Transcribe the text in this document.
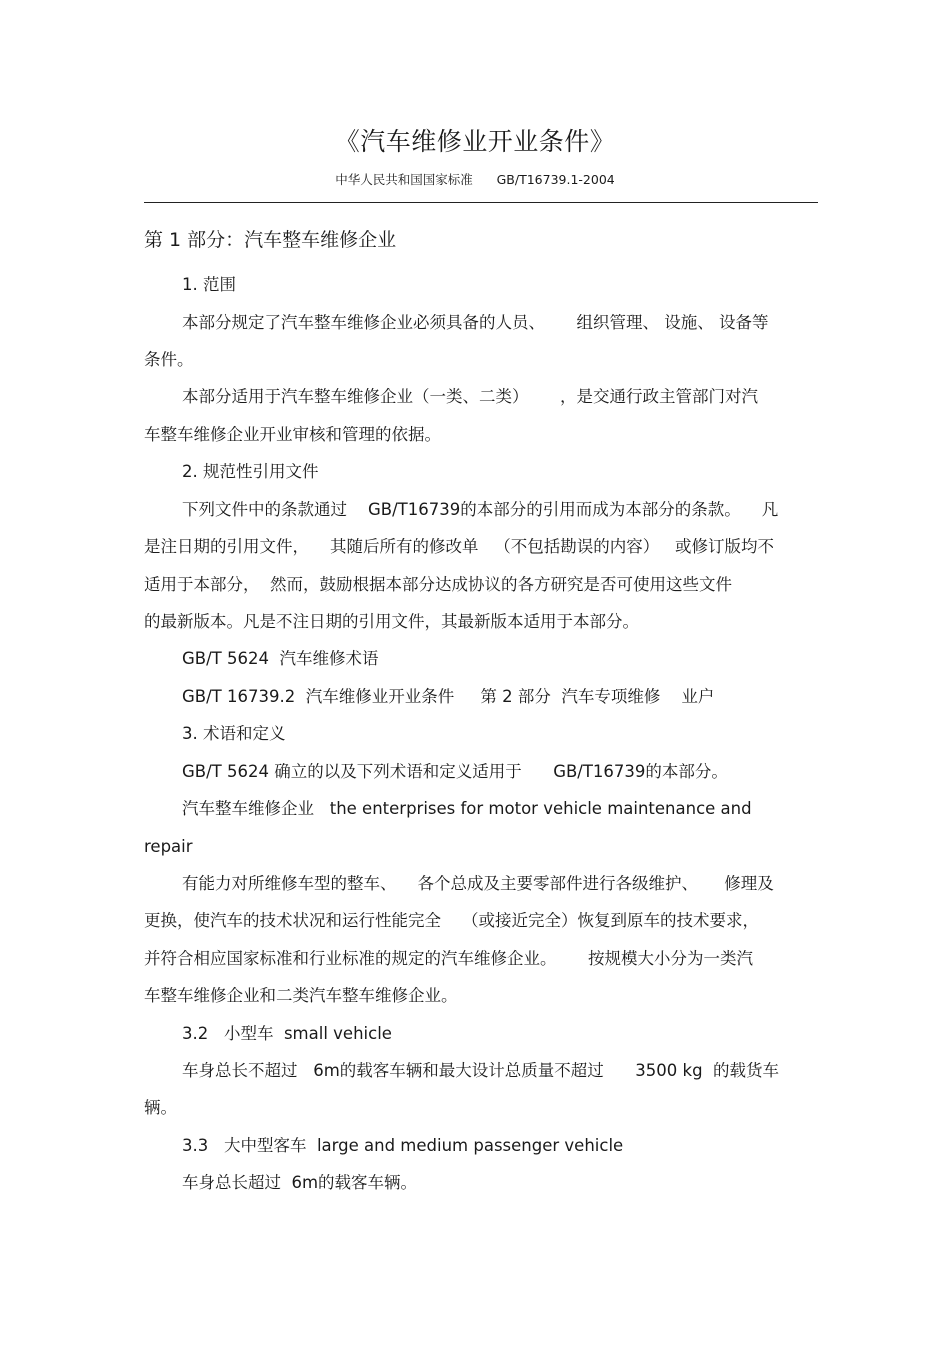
《汽车维修业开业条件》
中华人民共和国国家标准      GB/T16739.1-2004
第 1 部分：汽车整车维修企业
1. 范围
本部分规定了汽车整车维修企业必须具备的人员、      组织管理、 设施、 设备等
条件。
本部分适用于汽车整车维修企业（一类、二类）      ，是交通行政主管部门对汽
车整车维修企业开业审核和管理的依据。
2. 规范性引用文件
下列文件中的条款通过    GB/T16739的本部分的引用而成为本部分的条款。    凡
是注日期的引用文件，    其随后所有的修改单   （不包括勘误的内容）   或修订版均不
适用于本部分，  然而，鼓励根据本部分达成协议的各方研究是否可使用这些文件
的最新版本。凡是不注日期的引用文件，其最新版本适用于本部分。
GB/T 5624  汽车维修术语
GB/T 16739.2  汽车维修业开业条件     第 2 部分  汽车专项维修    业户
3. 术语和定义
GB/T 5624 确立的以及下列术语和定义适用于      GB/T16739的本部分。
汽车整车维修企业   the enterprises for motor vehicle maintenance and
repair
有能力对所维修车型的整车、    各个总成及主要零部件进行各级维护、     修理及
更换，使汽车的技术状况和运行性能完全    （或接近完全）恢复到原车的技术要求，
并符合相应国家标准和行业标准的规定的汽车维修企业。      按规模大小分为一类汽
车整车维修企业和二类汽车整车维修企业。
3.2   小型车  small vehicle
车身总长不超过   6m的载客车辆和最大设计总质量不超过      3500 kg  的载货车
辆。
3.3   大中型客车  large and medium passenger vehicle
车身总长超过  6m的载客车辆。
